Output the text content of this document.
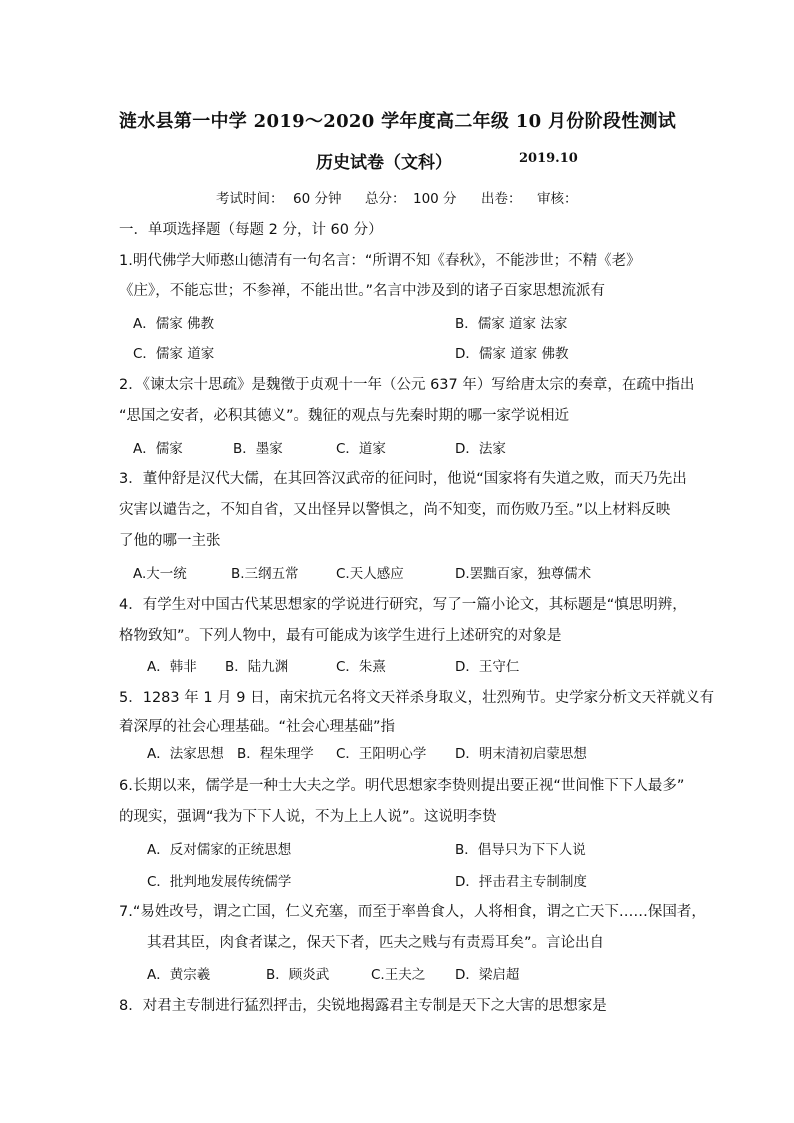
涟水县第一中学 2019～2020 学年度高二年级 10 月份阶段性测试
历史试卷（文科）	2019.10
考试时间： 60 分钟 总分： 100 分 出卷： 审核：
一．单项选择题（每题 2 分，计 60 分）
1.明代佛学大师憨山德清有一句名言：“所谓不知《春秋》，不能涉世；不精《老》
《庄》，不能忘世；不参禅，不能出世。”名言中涉及到的诸子百家思想流派有
A．儒家 佛教	B．儒家 道家 法家
C．儒家 道家	D．儒家 道家 佛教
2．《谏太宗十思疏》是魏徵于贞观十一年（公元 637 年）写给唐太宗的奏章，在疏中指出
“思国之安者，必积其德义”。魏征的观点与先秦时期的哪一家学说相近
A．儒家	B．墨家	C．道家	D．法家
3．董仲舒是汉代大儒，在其回答汉武帝的征问时，他说“国家将有失道之败，而天乃先出
灾害以谴告之，不知自省，又出怪异以警惧之，尚不知变，而伤败乃至。”以上材料反映
了他的哪一主张
A.大一统	B.三纲五常	C.天人感应	D.罢黜百家，独尊儒术
4．有学生对中国古代某思想家的学说进行研究，写了一篇小论文，其标题是“慎思明辨，
格物致知”。下列人物中，最有可能成为该学生进行上述研究的对象是
A．韩非 B．陆九渊	C．朱熹	D．王守仁
5．1283 年 1 月 9 日，南宋抗元名将文天祥杀身取义，壮烈殉节。史学家分析文天祥就义有
着深厚的社会心理基础。“社会心理基础”指
A．法家思想 B．程朱理学 C．王阳明心学 D．明末清初启蒙思想
6.长期以来，儒学是一种士大夫之学。明代思想家李贽则提出要正视“世间惟下下人最多”
的现实，强调“我为下下人说，不为上上人说”。这说明李贽
A．反对儒家的正统思想	B．倡导只为下下人说
C．批判地发展传统儒学	D．抨击君主专制制度
7.“易姓改号，谓之亡国，仁义充塞，而至于率兽食人，人将相食，谓之亡天下……保国者，
其君其臣，肉食者谋之，保天下者，匹夫之贱与有责焉耳矣”。言论出自
A．黄宗羲	B．顾炎武	C.王夫之 D．梁启超
8．对君主专制进行猛烈抨击，尖锐地揭露君主专制是天下之大害的思想家是
